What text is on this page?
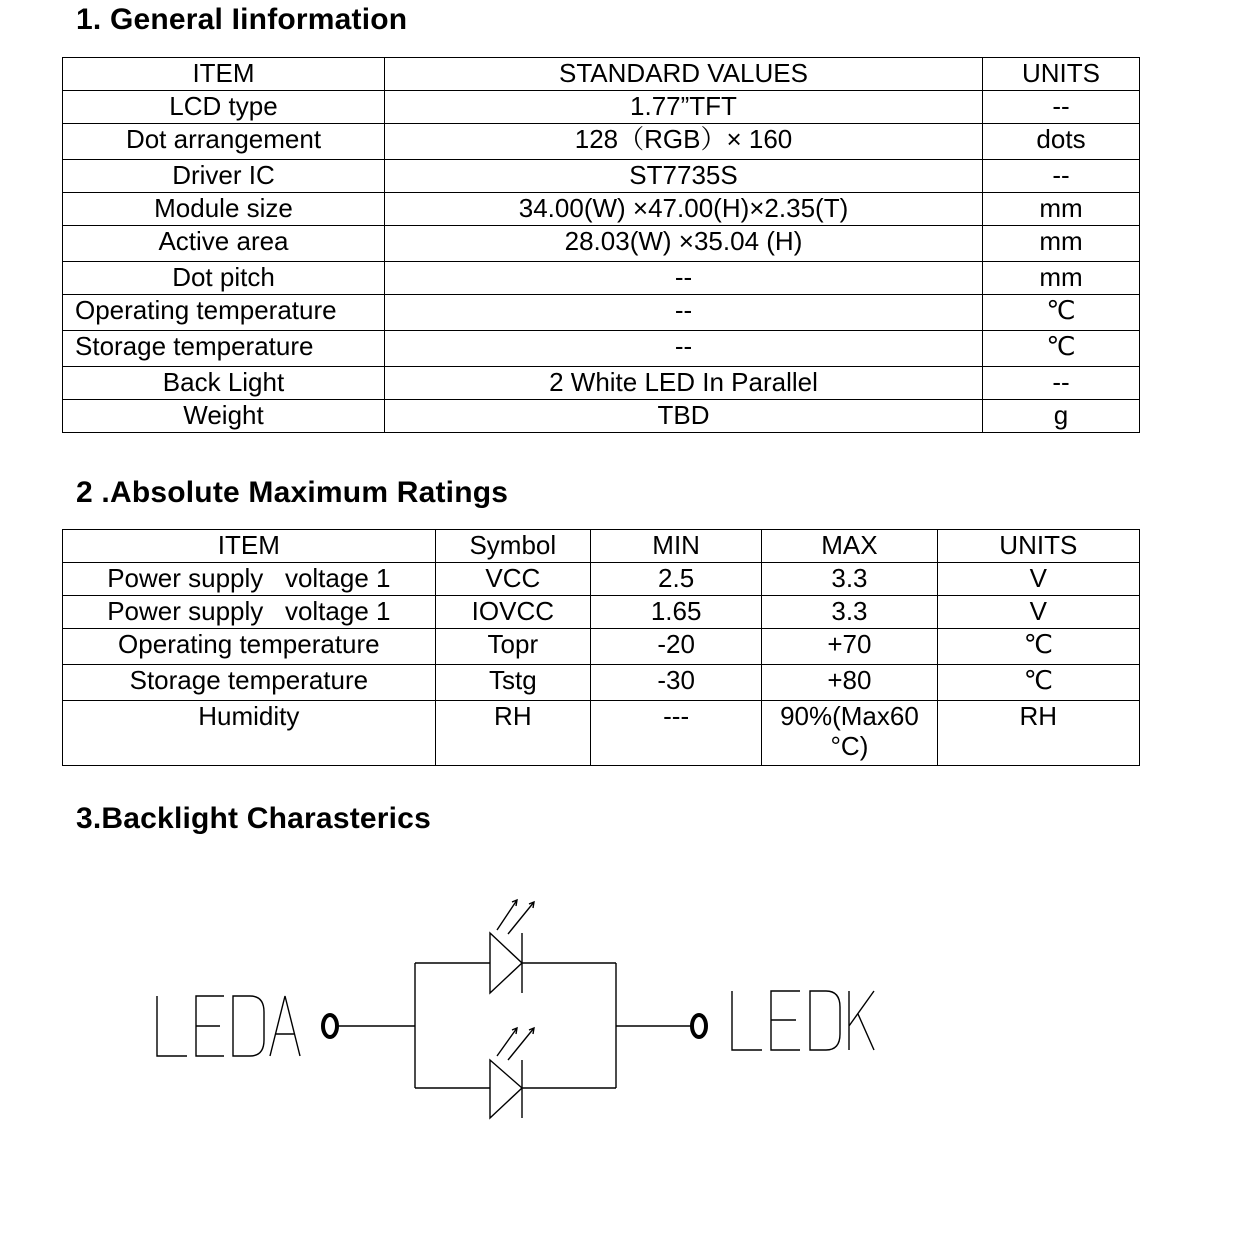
1. General Iinformation
ITEM	STANDARD VALUES	UNITS
LCD type	1.77”TFT	--
Dot arrangement	128（RGB）× 160	dots
Driver IC	ST7735S	--
Module size	34.00(W) ×47.00(H)×2.35(T)	mm
Active area	28.03(W) ×35.04 (H)	mm
Dot pitch	--	mm
Operating temperature	--	℃
Storage temperature	--	℃
Back Light	2 White LED In Parallel	--
Weight	TBD	g
2 .Absolute Maximum Ratings
ITEM	Symbol	MIN	MAX	UNITS
Power supply   voltage 1	VCC	2.5	3.3	V
Power supply   voltage 1	IOVCC	1.65	3.3	V
Operating temperature	Topr	-20	+70	℃
Storage temperature	Tstg	-30	+80	℃
Humidity	RH	---	90%(Max60 °C)	RH
3.Backlight Charasterics
